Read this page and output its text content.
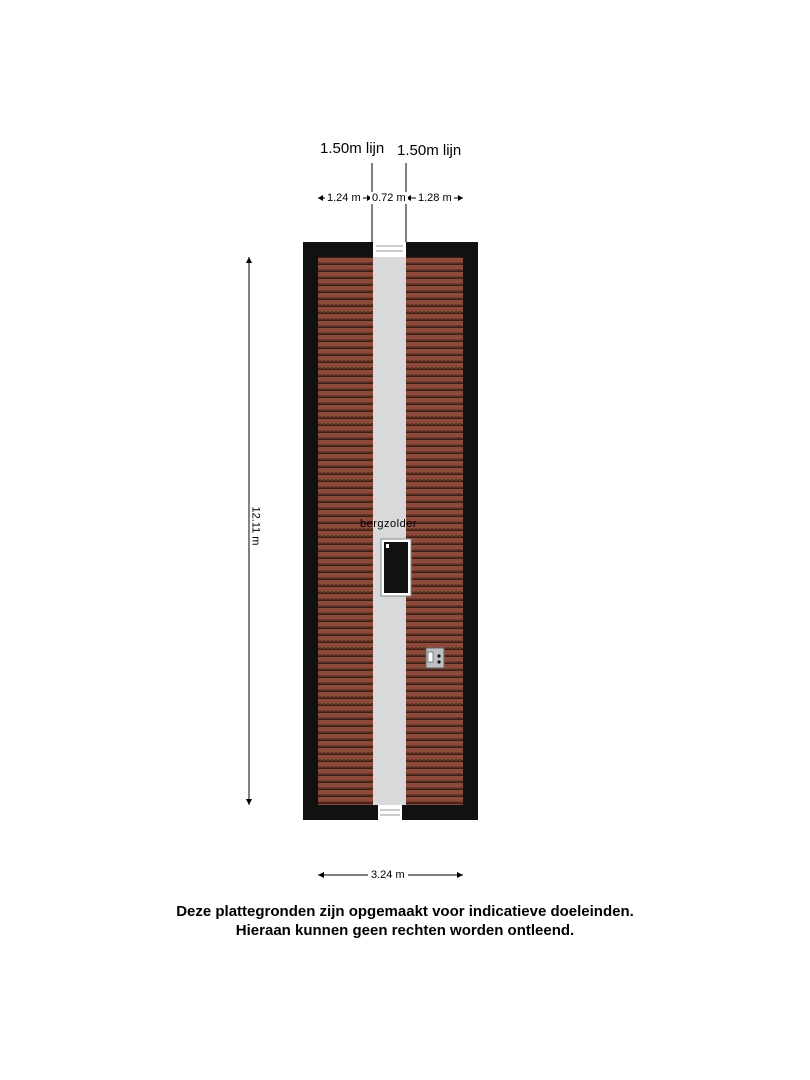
1.50m lijn 1.50m lijn
1.24 m 0.72 m 1.28 m
12.11 m
3.24 m
bergzolder
Deze plattegronden zijn opgemaakt voor indicatieve doeleinden.
Hieraan kunnen geen rechten worden ontleend.
